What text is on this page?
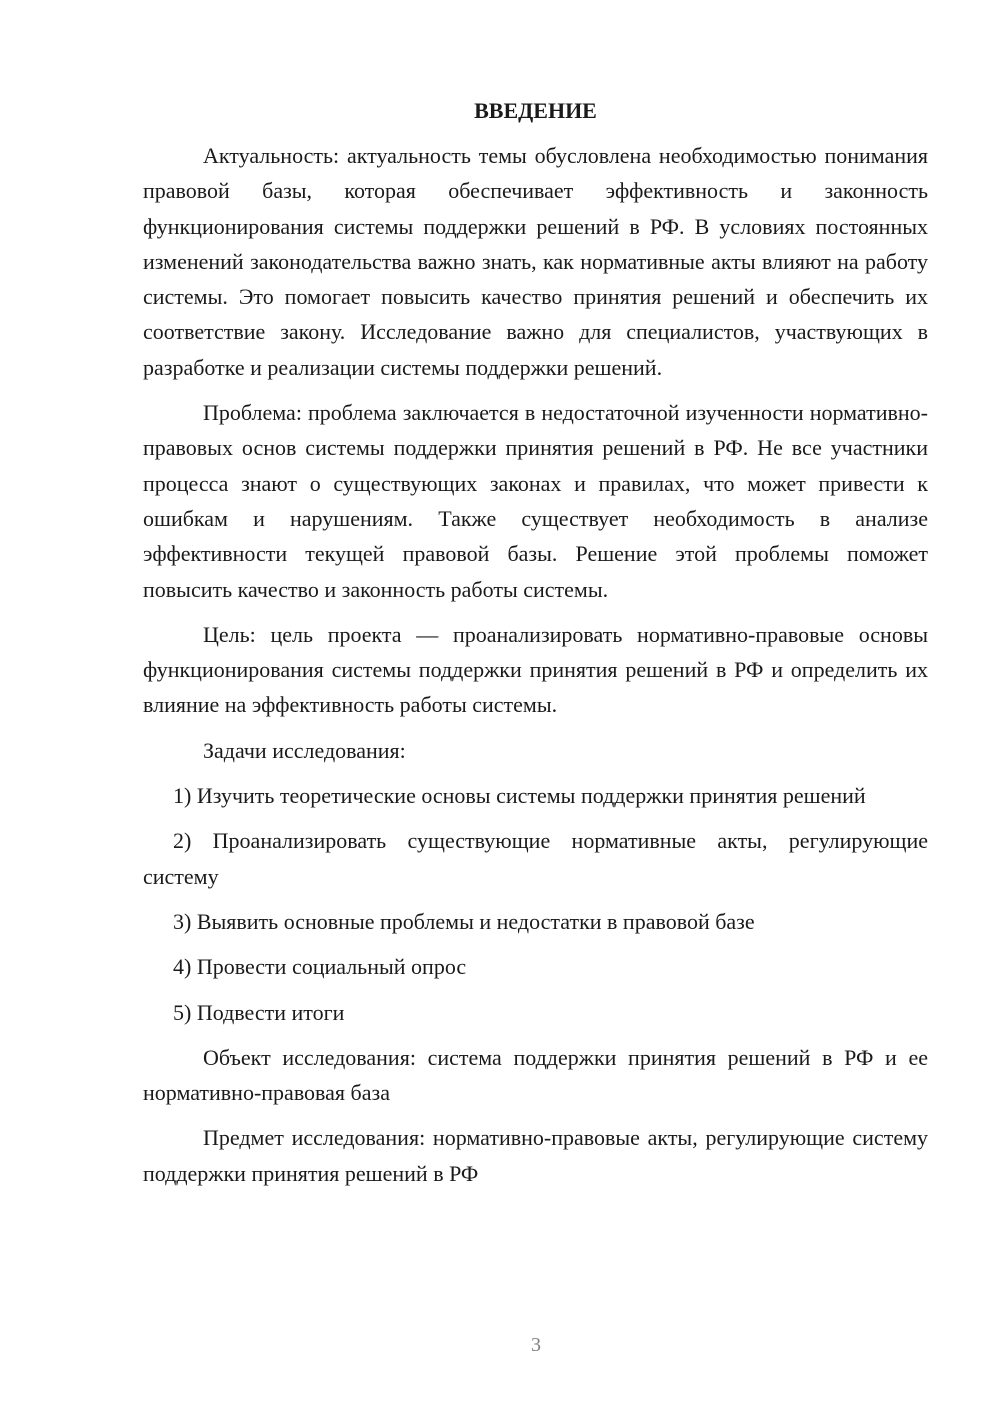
ВВЕДЕНИЕ

Актуальность: актуальность темы обусловлена необходимостью понимания правовой базы, которая обеспечивает эффективность и законность функционирования системы поддержки решений в РФ. В условиях постоянных изменений законодательства важно знать, как нормативные акты влияют на работу системы. Это помогает повысить качество принятия решений и обеспечить их соответствие закону. Исследование важно для специалистов, участвующих в разработке и реализации системы поддержки решений.

Проблема: проблема заключается в недостаточной изученности нормативно-правовых основ системы поддержки принятия решений в РФ. Не все участники процесса знают о существующих законах и правилах, что может привести к ошибкам и нарушениям. Также существует необходимость в анализе эффективности текущей правовой базы. Решение этой проблемы поможет повысить качество и законность работы системы.

Цель: цель проекта — проанализировать нормативно-правовые основы функционирования системы поддержки принятия решений в РФ и определить их влияние на эффективность работы системы.

Задачи исследования:

1) Изучить теоретические основы системы поддержки принятия решений

2) Проанализировать существующие нормативные акты, регулирующие систему

3) Выявить основные проблемы и недостатки в правовой базе

4) Провести социальный опрос

5) Подвести итоги

Объект исследования: система поддержки принятия решений в РФ и ее нормативно-правовая база

Предмет исследования: нормативно-правовые акты, регулирующие систему поддержки принятия решений в РФ

3
